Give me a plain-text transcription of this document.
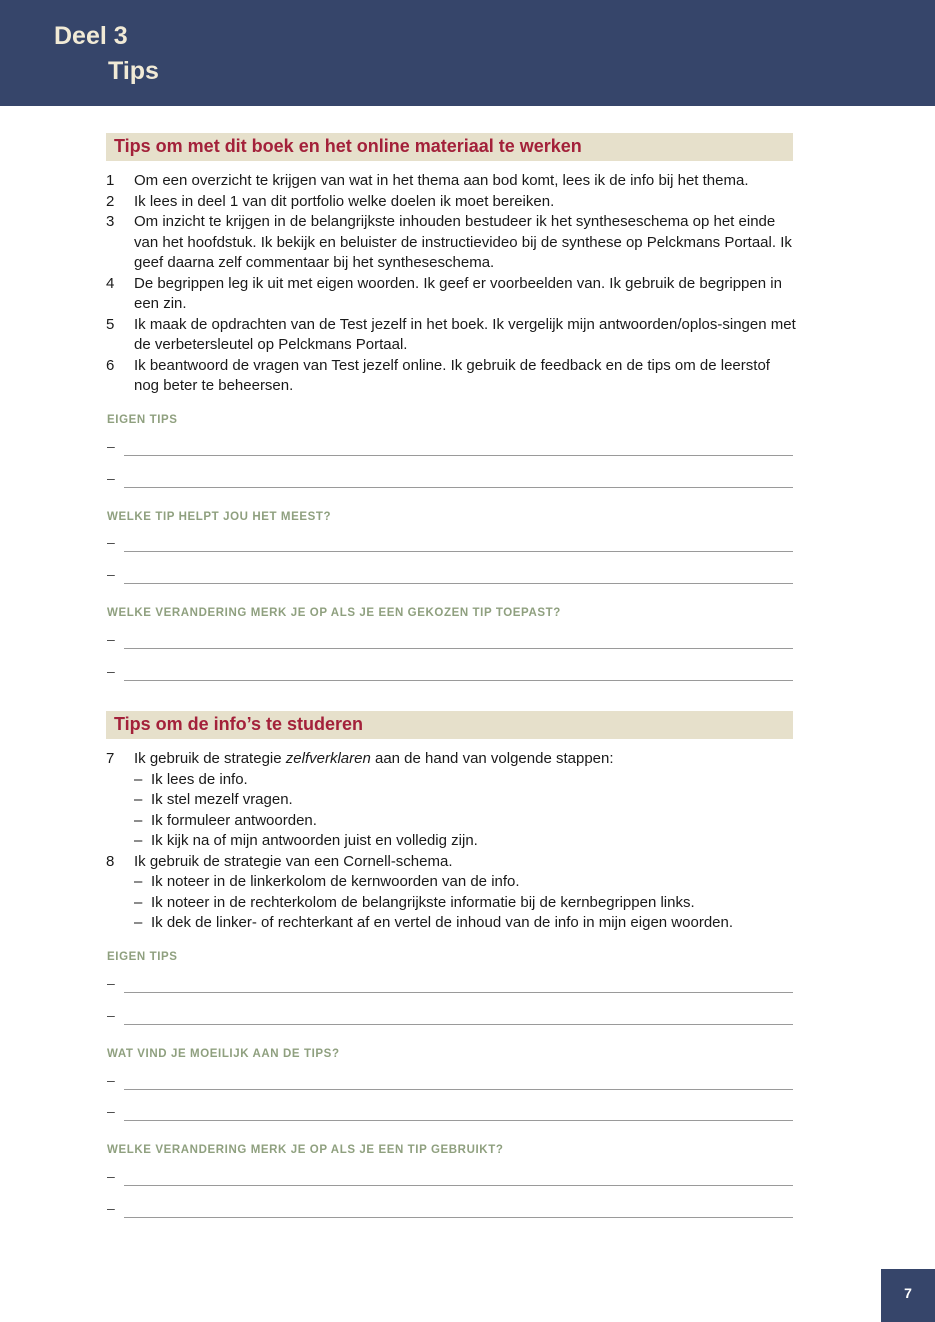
Deel 3
Tips
Tips om met dit boek en het online materiaal te werken
1 Om een overzicht te krijgen van wat in het thema aan bod komt, lees ik de info bij het thema.
2 Ik lees in deel 1 van dit portfolio welke doelen ik moet bereiken.
3 Om inzicht te krijgen in de belangrijkste inhouden bestudeer ik het syntheseschema op het einde van het hoofdstuk. Ik bekijk en beluister de instructievideo bij de synthese op Pelckmans Portaal. Ik geef daarna zelf commentaar bij het syntheseschema.
4 De begrippen leg ik uit met eigen woorden. Ik geef er voorbeelden van. Ik gebruik de begrippen in een zin.
5 Ik maak de opdrachten van de Test jezelf in het boek. Ik vergelijk mijn antwoorden/oplos-singen met de verbetersleutel op Pelckmans Portaal.
6 Ik beantwoord de vragen van Test jezelf online. Ik gebruik de feedback en de tips om de leerstof nog beter te beheersen.
EIGEN TIPS
–
–
WELKE TIP HELPT JOU HET MEEST?
–
–
WELKE VERANDERING MERK JE OP ALS JE EEN GEKOZEN TIP TOEPAST?
–
–
Tips om de info’s te studeren
7 Ik gebruik de strategie zelfverklaren aan de hand van volgende stappen:
– Ik lees de info.
– Ik stel mezelf vragen.
– Ik formuleer antwoorden.
– Ik kijk na of mijn antwoorden juist en volledig zijn.
8 Ik gebruik de strategie van een Cornell-schema.
– Ik noteer in de linkerkolom de kernwoorden van de info.
– Ik noteer in de rechterkolom de belangrijkste informatie bij de kernbegrippen links.
– Ik dek de linker- of rechterkant af en vertel de inhoud van de info in mijn eigen woorden.
EIGEN TIPS
–
–
WAT VIND JE MOEILIJK AAN DE TIPS?
–
–
WELKE VERANDERING MERK JE OP ALS JE EEN TIP GEBRUIKT?
–
–
7
